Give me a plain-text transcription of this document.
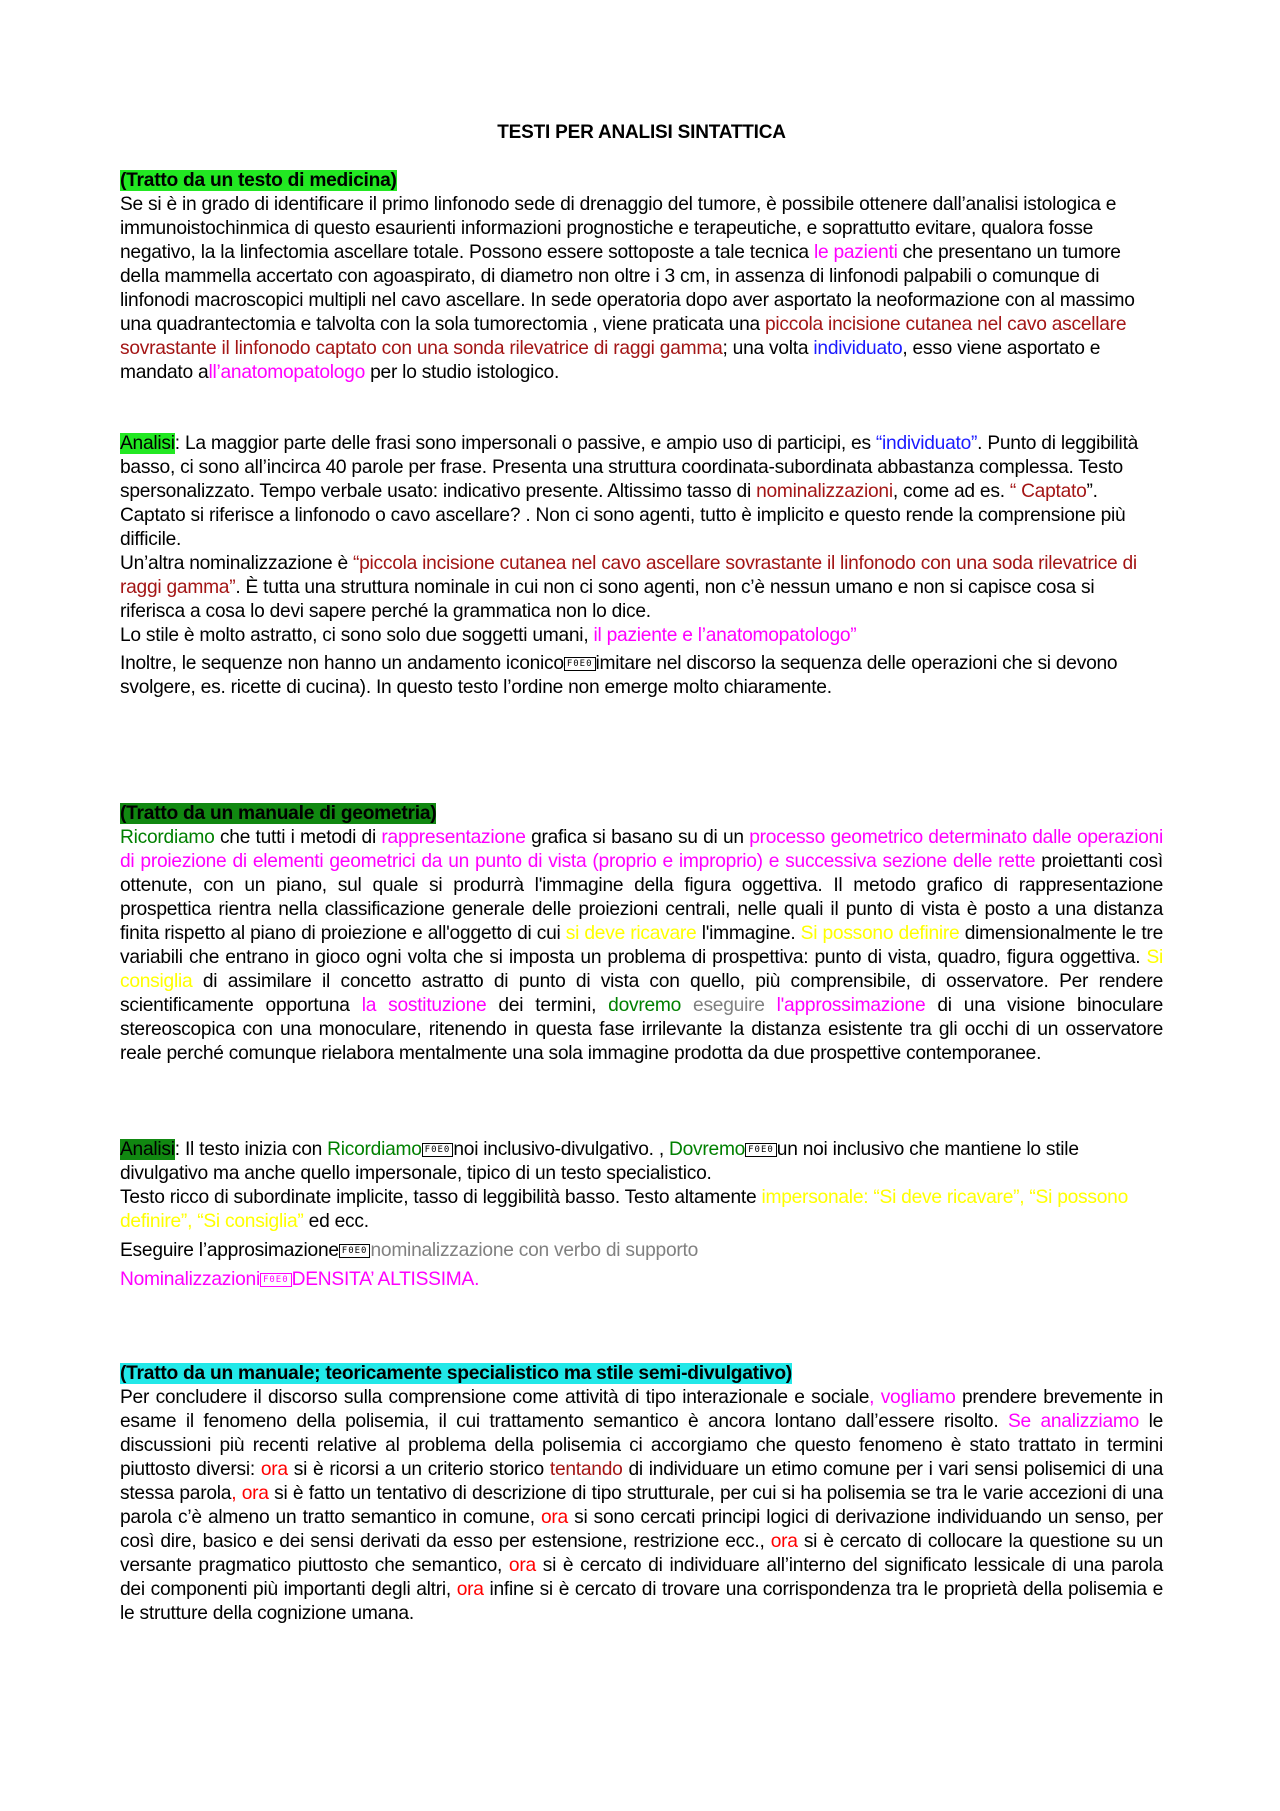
TESTI PER ANALISI SINTATTICA
(Tratto da un testo di medicina)
Se si è in grado di identificare il primo linfonodo sede di drenaggio del tumore, è possibile ottenere dall’analisi istologica e immunoistochinmica di questo esaurienti informazioni prognostiche e terapeutiche, e soprattutto evitare, qualora fosse negativo, la la linfectomia ascellare totale. Possono essere sottoposte a tale tecnica le pazienti che presentano un tumore della mammella accertato con agoaspirato, di diametro non oltre i 3 cm, in assenza di linfonodi palpabili o comunque di linfonodi macroscopici multipli nel cavo ascellare. In sede operatoria dopo aver asportato la neoformazione con al massimo una quadrantectomia e talvolta con la sola tumorectomia , viene praticata una piccola incisione cutanea nel cavo ascellare sovrastante il linfonodo captato con una sonda rilevatrice di raggi gamma; una volta individuato, esso viene asportato e mandato all’anatomopatologo per lo studio istologico.
Analisi: La maggior parte delle frasi sono impersonali o passive, e ampio uso di participi, es “individuato”. Punto di leggibilità basso, ci sono all’incirca 40 parole per frase. Presenta una struttura coordinata-subordinata abbastanza complessa. Testo spersonalizzato. Tempo verbale usato: indicativo presente. Altissimo tasso di nominalizzazioni, come ad es. “ Captato”. Captato si riferisce a linfonodo o cavo ascellare? . Non ci sono agenti, tutto è implicito e questo rende la comprensione più difficile.
Un’altra nominalizzazione è “piccola incisione cutanea nel cavo ascellare sovrastante il linfonodo con una soda rilevatrice di raggi gamma”. È tutta una struttura nominale in cui non ci sono agenti, non c’è nessun umano e non si capisce cosa si riferisca a cosa lo devi sapere perché la grammatica non lo dice.
Lo stile è molto astratto, ci sono solo due soggetti umani, il paziente e l’anatomopatologo”
Inoltre, le sequenze non hanno un andamento iconico F0E0 imitare nel discorso la sequenza delle operazioni che si devono svolgere, es. ricette di cucina). In questo testo l’ordine non emerge molto chiaramente.
(Tratto da un manuale di geometria)
Ricordiamo che tutti i metodi di rappresentazione grafica si basano su di un processo geometrico determinato dalle operazioni di proiezione di elementi geometrici da un punto di vista (proprio e improprio) e successiva sezione delle rette proiettanti così ottenute, con un piano, sul quale si produrrà l'immagine della figura oggettiva. Il metodo grafico di rappresentazione prospettica rientra nella classificazione generale delle proiezioni centrali, nelle quali il punto di vista è posto a una distanza finita rispetto al piano di proiezione e all'oggetto di cui si deve ricavare l'immagine. Si possono definire dimensionalmente le tre variabili che entrano in gioco ogni volta che si imposta un problema di prospettiva: punto di vista, quadro, figura oggettiva. Si consiglia di assimilare il concetto astratto di punto di vista con quello, più comprensibile, di osservatore. Per rendere scientificamente opportuna la sostituzione dei termini, dovremo eseguire l'approssimazione di una visione binoculare stereoscopica con una monoculare, ritenendo in questa fase irrilevante la distanza esistente tra gli occhi di un osservatore reale perché comunque rielabora mentalmente una sola immagine prodotta da due prospettive contemporanee.
Analisi: Il testo inizia con Ricordiamo F0E0 noi inclusivo-divulgativo. , Dovremo F0E0 un noi inclusivo che mantiene lo stile divulgativo ma anche quello impersonale, tipico di un testo specialistico.
Testo ricco di subordinate implicite, tasso di leggibilità basso. Testo altamente impersonale: “Si deve ricavare”, “Si possono definire”, “Si consiglia” ed ecc.
Eseguire l’approsimazione F0E0 nominalizzazione con verbo di supporto
Nominalizzazioni F0E0 DENSITA’ ALTISSIMA.
(Tratto da un manuale; teoricamente specialistico ma stile semi-divulgativo)
Per concludere il discorso sulla comprensione come attività di tipo interazionale e sociale, vogliamo prendere brevemente in esame il fenomeno della polisemia, il cui trattamento semantico è ancora lontano dall’essere risolto. Se analizziamo le discussioni più recenti relative al problema della polisemia ci accorgiamo che questo fenomeno è stato trattato in termini piuttosto diversi: ora si è ricorsi a un criterio storico tentando di individuare un etimo comune per i vari sensi polisemici di una stessa parola, ora si è fatto un tentativo di descrizione di tipo strutturale, per cui si ha polisemia se tra le varie accezioni di una parola c’è almeno un tratto semantico in comune, ora si sono cercati principi logici di derivazione individuando un senso, per così dire, basico e dei sensi derivati da esso per estensione, restrizione ecc., ora si è cercato di collocare la questione su un versante pragmatico piuttosto che semantico, ora si è cercato di individuare all’interno del significato lessicale di una parola dei componenti più importanti degli altri, ora infine si è cercato di trovare una corrispondenza tra le proprietà della polisemia e le strutture della cognizione umana.
